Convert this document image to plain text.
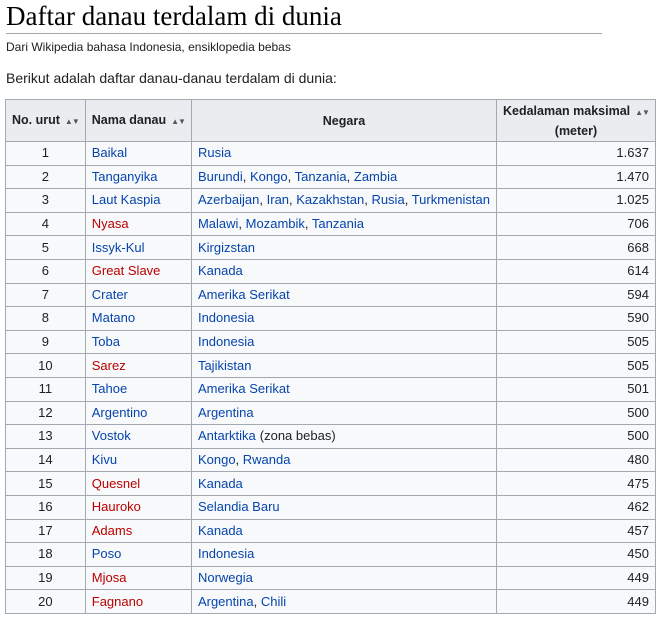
Daftar danau terdalam di dunia
Dari Wikipedia bahasa Indonesia, ensiklopedia bebas
Berikut adalah daftar danau-danau terdalam di dunia:
No. urut ▲▼	Nama danau ▲▼	Negara	Kedalaman maksimal ▲▼
(meter)
1	Baikal	Rusia	1.637
2	Tanganyika	Burundi, Kongo, Tanzania, Zambia	1.470
3	Laut Kaspia	Azerbaijan, Iran, Kazakhstan, Rusia, Turkmenistan	1.025
4	Nyasa	Malawi, Mozambik, Tanzania	706
5	Issyk-Kul	Kirgizstan	668
6	Great Slave	Kanada	614
7	Crater	Amerika Serikat	594
8	Matano	Indonesia	590
9	Toba	Indonesia	505
10	Sarez	Tajikistan	505
11	Tahoe	Amerika Serikat	501
12	Argentino	Argentina	500
13	Vostok	Antarktika (zona bebas)	500
14	Kivu	Kongo, Rwanda	480
15	Quesnel	Kanada	475
16	Hauroko	Selandia Baru	462
17	Adams	Kanada	457
18	Poso	Indonesia	450
19	Mjosa	Norwegia	449
20	Fagnano	Argentina, Chili	449
